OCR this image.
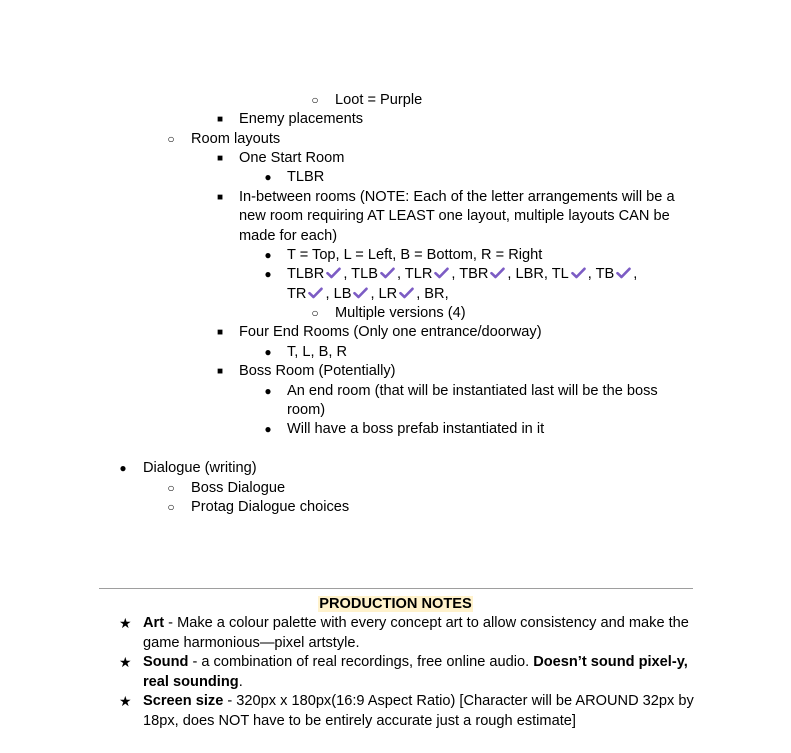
○ Loot = Purple
■ Enemy placements
○ Room layouts
■ One Start Room
● TLBR
■ In-between rooms (NOTE: Each of the letter arrangements will be a
new room requiring AT LEAST one layout, multiple layouts CAN be
made for each)
● T = Top, L = Left, B = Bottom, R = Right
● TLBR , TLB , TLR , TBR , LBR, TL , TB ,
TR , LB , LR , BR,
○ Multiple versions (4)
■ Four End Rooms (Only one entrance/doorway)
● T, L, B, R
■ Boss Room (Potentially)
● An end room (that will be instantiated last will be the boss
room)
● Will have a boss prefab instantiated in it
● Dialogue (writing)
○ Boss Dialogue
○ Protag Dialogue choices
PRODUCTION NOTES
★ Art - Make a colour palette with every concept art to allow consistency and make the game harmonious—pixel artstyle.
★ Sound - a combination of real recordings, free online audio. Doesn’t sound pixel-y, real sounding.
★ Screen size - 320px x 180px(16:9 Aspect Ratio) [Character will be AROUND 32px by 18px, does NOT have to be entirely accurate just a rough estimate]
